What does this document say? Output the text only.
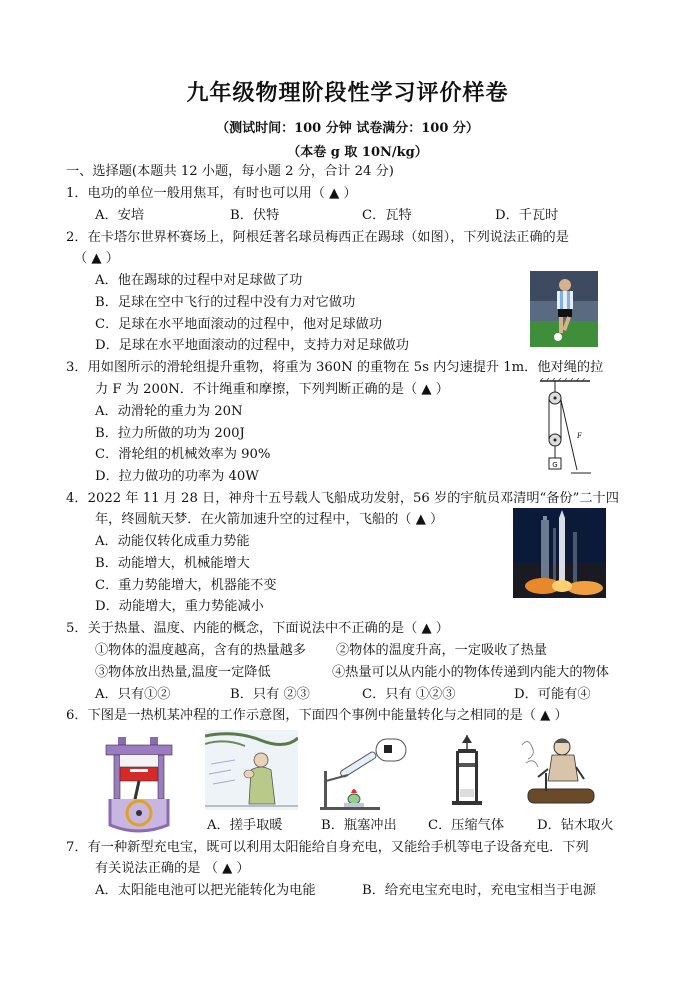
九年级物理阶段性学习评价样卷
（测试时间：100 分钟 试卷满分：100 分）
（本卷 g 取 10N/kg）
一、选择题(本题共 12 小题，每小题 2 分，合计 24 分)
1．电功的单位一般用焦耳，有时也可以用（ ▲ ）
A．安培	B．伏特	C．瓦特	D．千瓦时
2．在卡塔尔世界杯赛场上，阿根廷著名球员梅西正在踢球（如图），下列说法正确的是
（ ▲ ）
A．他在踢球的过程中对足球做了功
B．足球在空中飞行的过程中没有力对它做功
C．足球在水平地面滚动的过程中，他对足球做功
D．足球在水平地面滚动的过程中，支持力对足球做功
3．用如图所示的滑轮组提升重物，将重为 360N 的重物在 5s 内匀速提升 1m．他对绳的拉
力 F 为 200N．不计绳重和摩擦，下列判断正确的是（ ▲ ）
A．动滑轮的重力为 20N
B．拉力所做的功为 200J
C．滑轮组的机械效率为 90%
D．拉力做功的功率为 40W
G
F
4．2022 年 11 月 28 日，神舟十五号载人飞船成功发射，56 岁的宇航员邓清明“备份”二十四
年，终圆航天梦．在火箭加速升空的过程中，飞船的（ ▲ ）
A．动能仅转化成重力势能
B．动能增大，机械能增大
C．重力势能增大，机器能不变
D．动能增大，重力势能减小
5．关于热量、温度、内能的概念，下面说法中不正确的是（ ▲ ）
①物体的温度越高，含有的热量越多 ②物体的温度升高，一定吸收了热量
③物体放出热量,温度一定降低	④热量可以从内能小的物体传递到内能大的物体
A．只有①②	B．只有 ②③	C．只有 ①②③	D．可能有④
6．下图是一热机某冲程的工作示意图，下面四个事例中能量转化与之相同的是（ ▲ ）
A．搓手取暖	B．瓶塞冲出 C．压缩气体 D．钻木取火
7．有一种新型充电宝，既可以利用太阳能给自身充电，又能给手机等电子设备充电．下列
有关说法正确的是 （ ▲ ）
A．太阳能电池可以把光能转化为电能	B．给充电宝充电时，充电宝相当于电源
